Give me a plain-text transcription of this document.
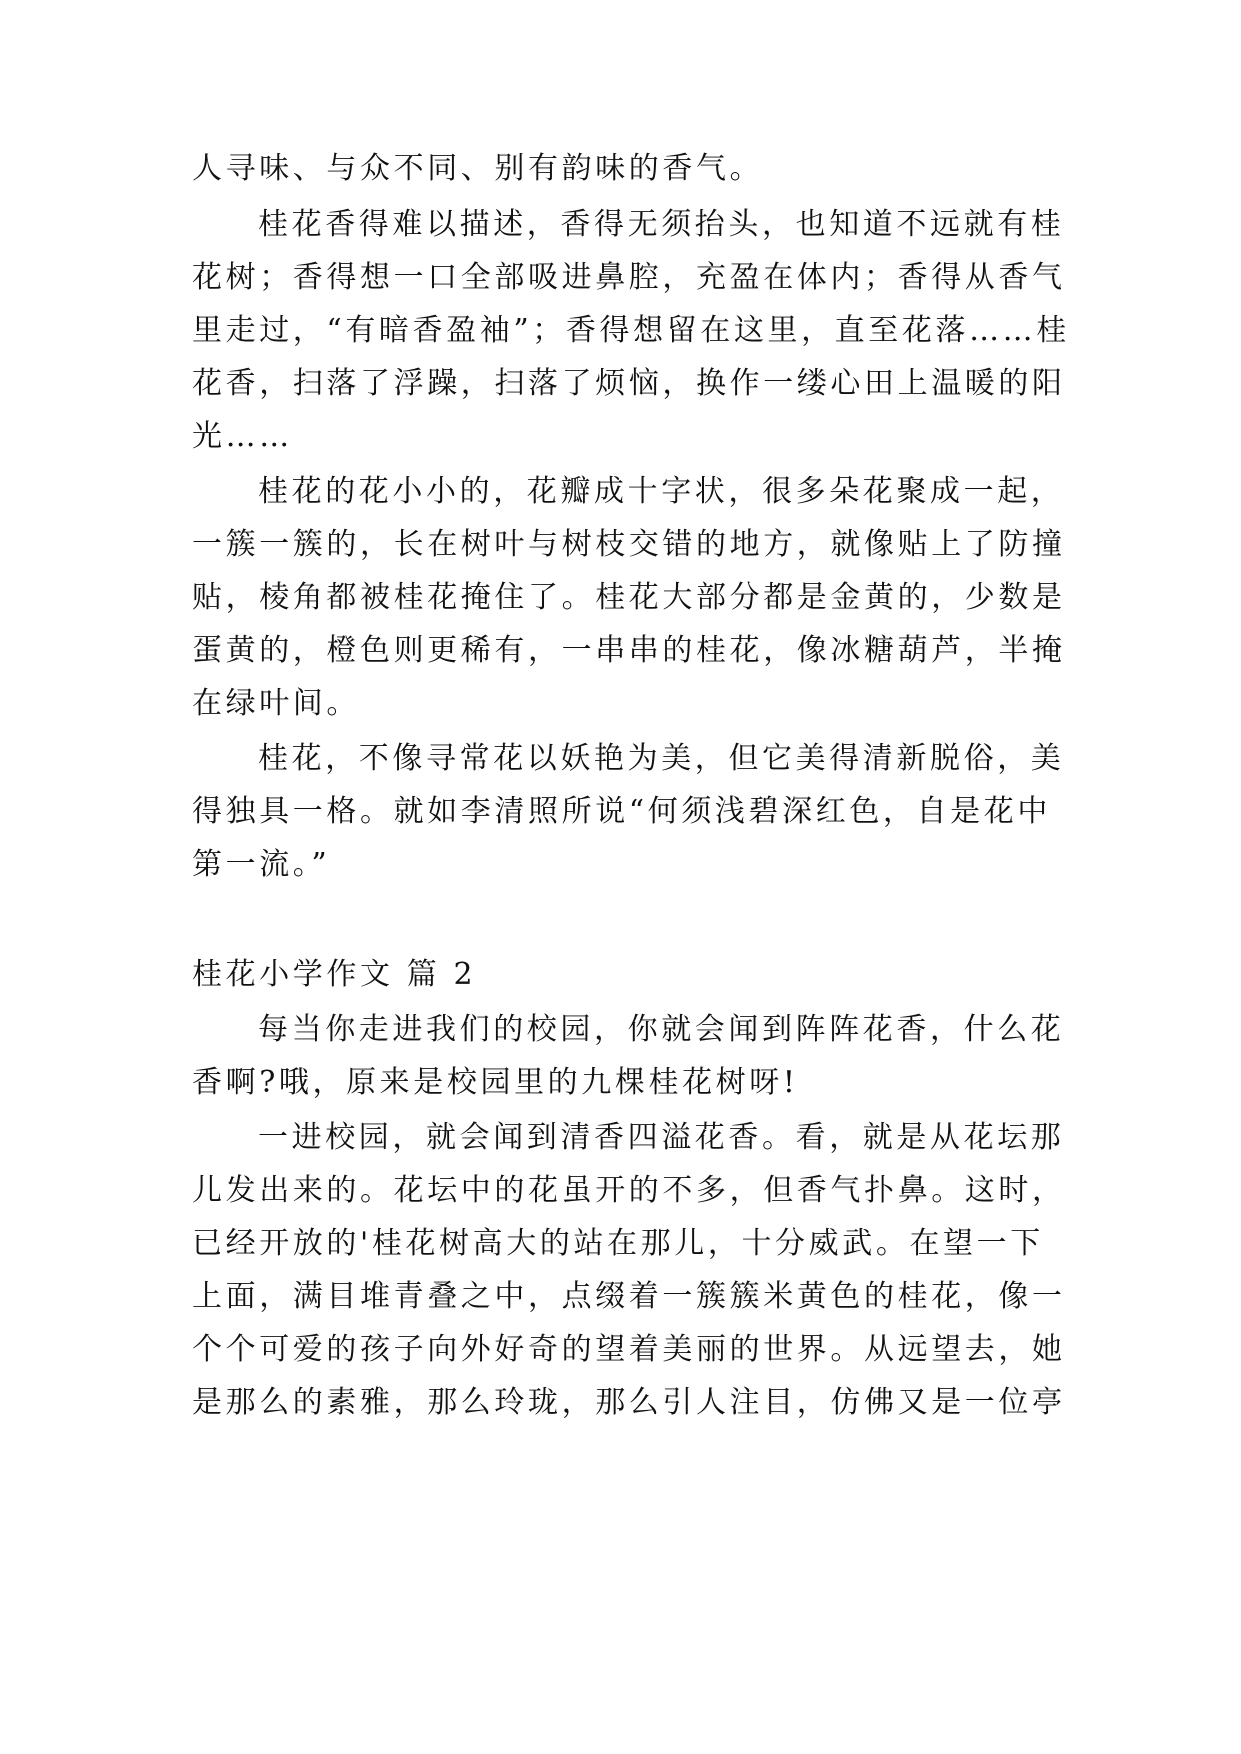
人寻味、与众不同、别有韵味的香气。
桂花香得难以描述，香得无须抬头，也知道不远就有桂
花树；香得想一口全部吸进鼻腔，充盈在体内；香得从香气
里走过，“有暗香盈袖”；香得想留在这里，直至花落……桂
花香，扫落了浮躁，扫落了烦恼，换作一缕心田上温暖的阳
光……
桂花的花小小的，花瓣成十字状，很多朵花聚成一起，
一簇一簇的，长在树叶与树枝交错的地方，就像贴上了防撞
贴，棱角都被桂花掩住了。桂花大部分都是金黄的，少数是
蛋黄的，橙色则更稀有，一串串的桂花，像冰糖葫芦，半掩
在绿叶间。
桂花，不像寻常花以妖艳为美，但它美得清新脱俗，美
得独具一格。就如李清照所说“何须浅碧深红色，自是花中
第一流。”
桂花小学作文 篇 2
每当你走进我们的校园，你就会闻到阵阵花香，什么花
香啊?哦，原来是校园里的九棵桂花树呀!
一进校园，就会闻到清香四溢花香。看，就是从花坛那
儿发出来的。花坛中的花虽开的不多，但香气扑鼻。这时，
已经开放的'桂花树高大的站在那儿，十分威武。在望一下
上面，满目堆青叠之中，点缀着一簇簇米黄色的桂花，像一
个个可爱的孩子向外好奇的望着美丽的世界。从远望去，她
是那么的素雅，那么玲珑，那么引人注目，仿佛又是一位亭
